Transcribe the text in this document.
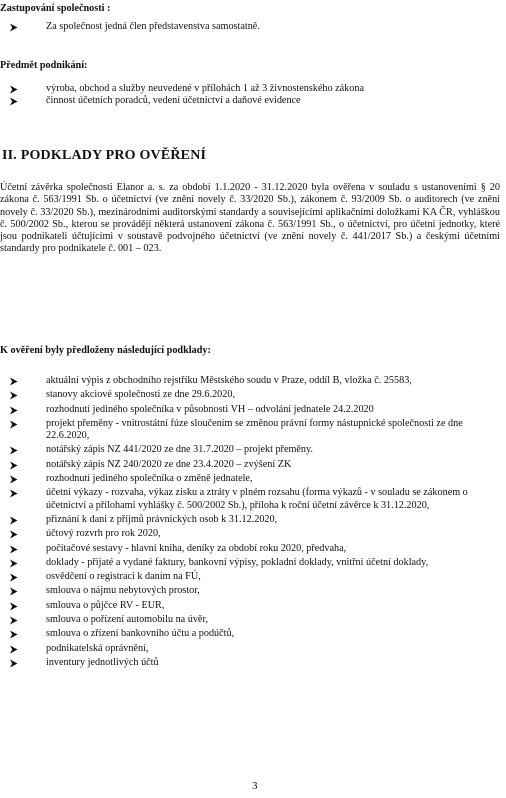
Zastupování společnosti :
Za společnost jedná člen představenstva samostatně.
Předmět podnikání:
výroba, obchod a služby neuvedené v přílohách 1 až 3 živnostenského zákona
činnost účetních poradců, vedení účetnictví a daňové evidence
II. PODKLADY PRO OVĚŘENÍ
Účetní závěrka společnosti Elanor a. s. za období 1.1.2020 - 31.12.2020 byla ověřena v souladu s ustanoveními § 20 zákona č. 563/1991 Sb. o účetnictví (ve znění novely č. 33/2020 Sb.), zákonem č. 93/2009 Sb. o auditorech (ve znění novely č. 33/2020 Sb.), mezinárodními auditorskými standardy a souvisejícími aplikačními doložkami KA ČR, vyhláškou č. 500/2002 Sb., kterou se provádějí některá ustanovení zákona č. 563/1991 Sb., o účetnictví, pro účetní jednotky, které jsou podnikateli účtujícími v soustavě podvojného účetnictví (ve znění novely č. 441/2017 Sb.) a českými účetními standardy pro podnikatele č. 001 – 023.
K ověření byly předloženy následující podklady:
aktuální výpis z obchodního rejstříku Městského soudu v Praze, oddíl B, vložka č. 25583,
stanovy akciové společnosti ze dne 29.6.2020,
rozhodnutí jediného společníka v působnosti VH – odvolání jednatele 24.2.2020
projekt přeměny - vnitrostátní fúze sloučením se změnou právní formy nástupnické společnosti ze dne 22.6.2020,
notářský zápis NZ 441/2020 ze dne 31.7.2020 – projekt přeměny.
notářský zápis NZ 240/2020 ze dne 23.4.2020 – zvýšení ZK
rozhodnutí jediného společníka o změně jednatele,
účetní výkazy - rozvaha, výkaz zisku a ztráty v plném rozsahu (forma výkazů - v souladu se zákonem o účetnictví a přílohami vyhlášky č. 500/2002 Sb.), příloha k roční účetní závěrce k 31.12.2020,
přiznání k dani z příjmů právnických osob k 31.12.2020,
účtový rozvrh pro rok 2020,
počítačové sestavy - hlavní kniha, deníky za období roku 2020, předvaha,
doklady - přijaté a vydané faktury, bankovní výpisy, pokladní doklady, vnitřní účetní doklady,
osvědčení o registraci k daním na FÚ,
smlouva o nájmu nebytových prostor,
smlouva o půjčce RV - EUR,
smlouva o pořízení automobilu na úvěr,
smlouva o zřízení bankovního účtu a podúčtů,
podnikatelská oprávnění,
inventury jednotlivých účtů
3
